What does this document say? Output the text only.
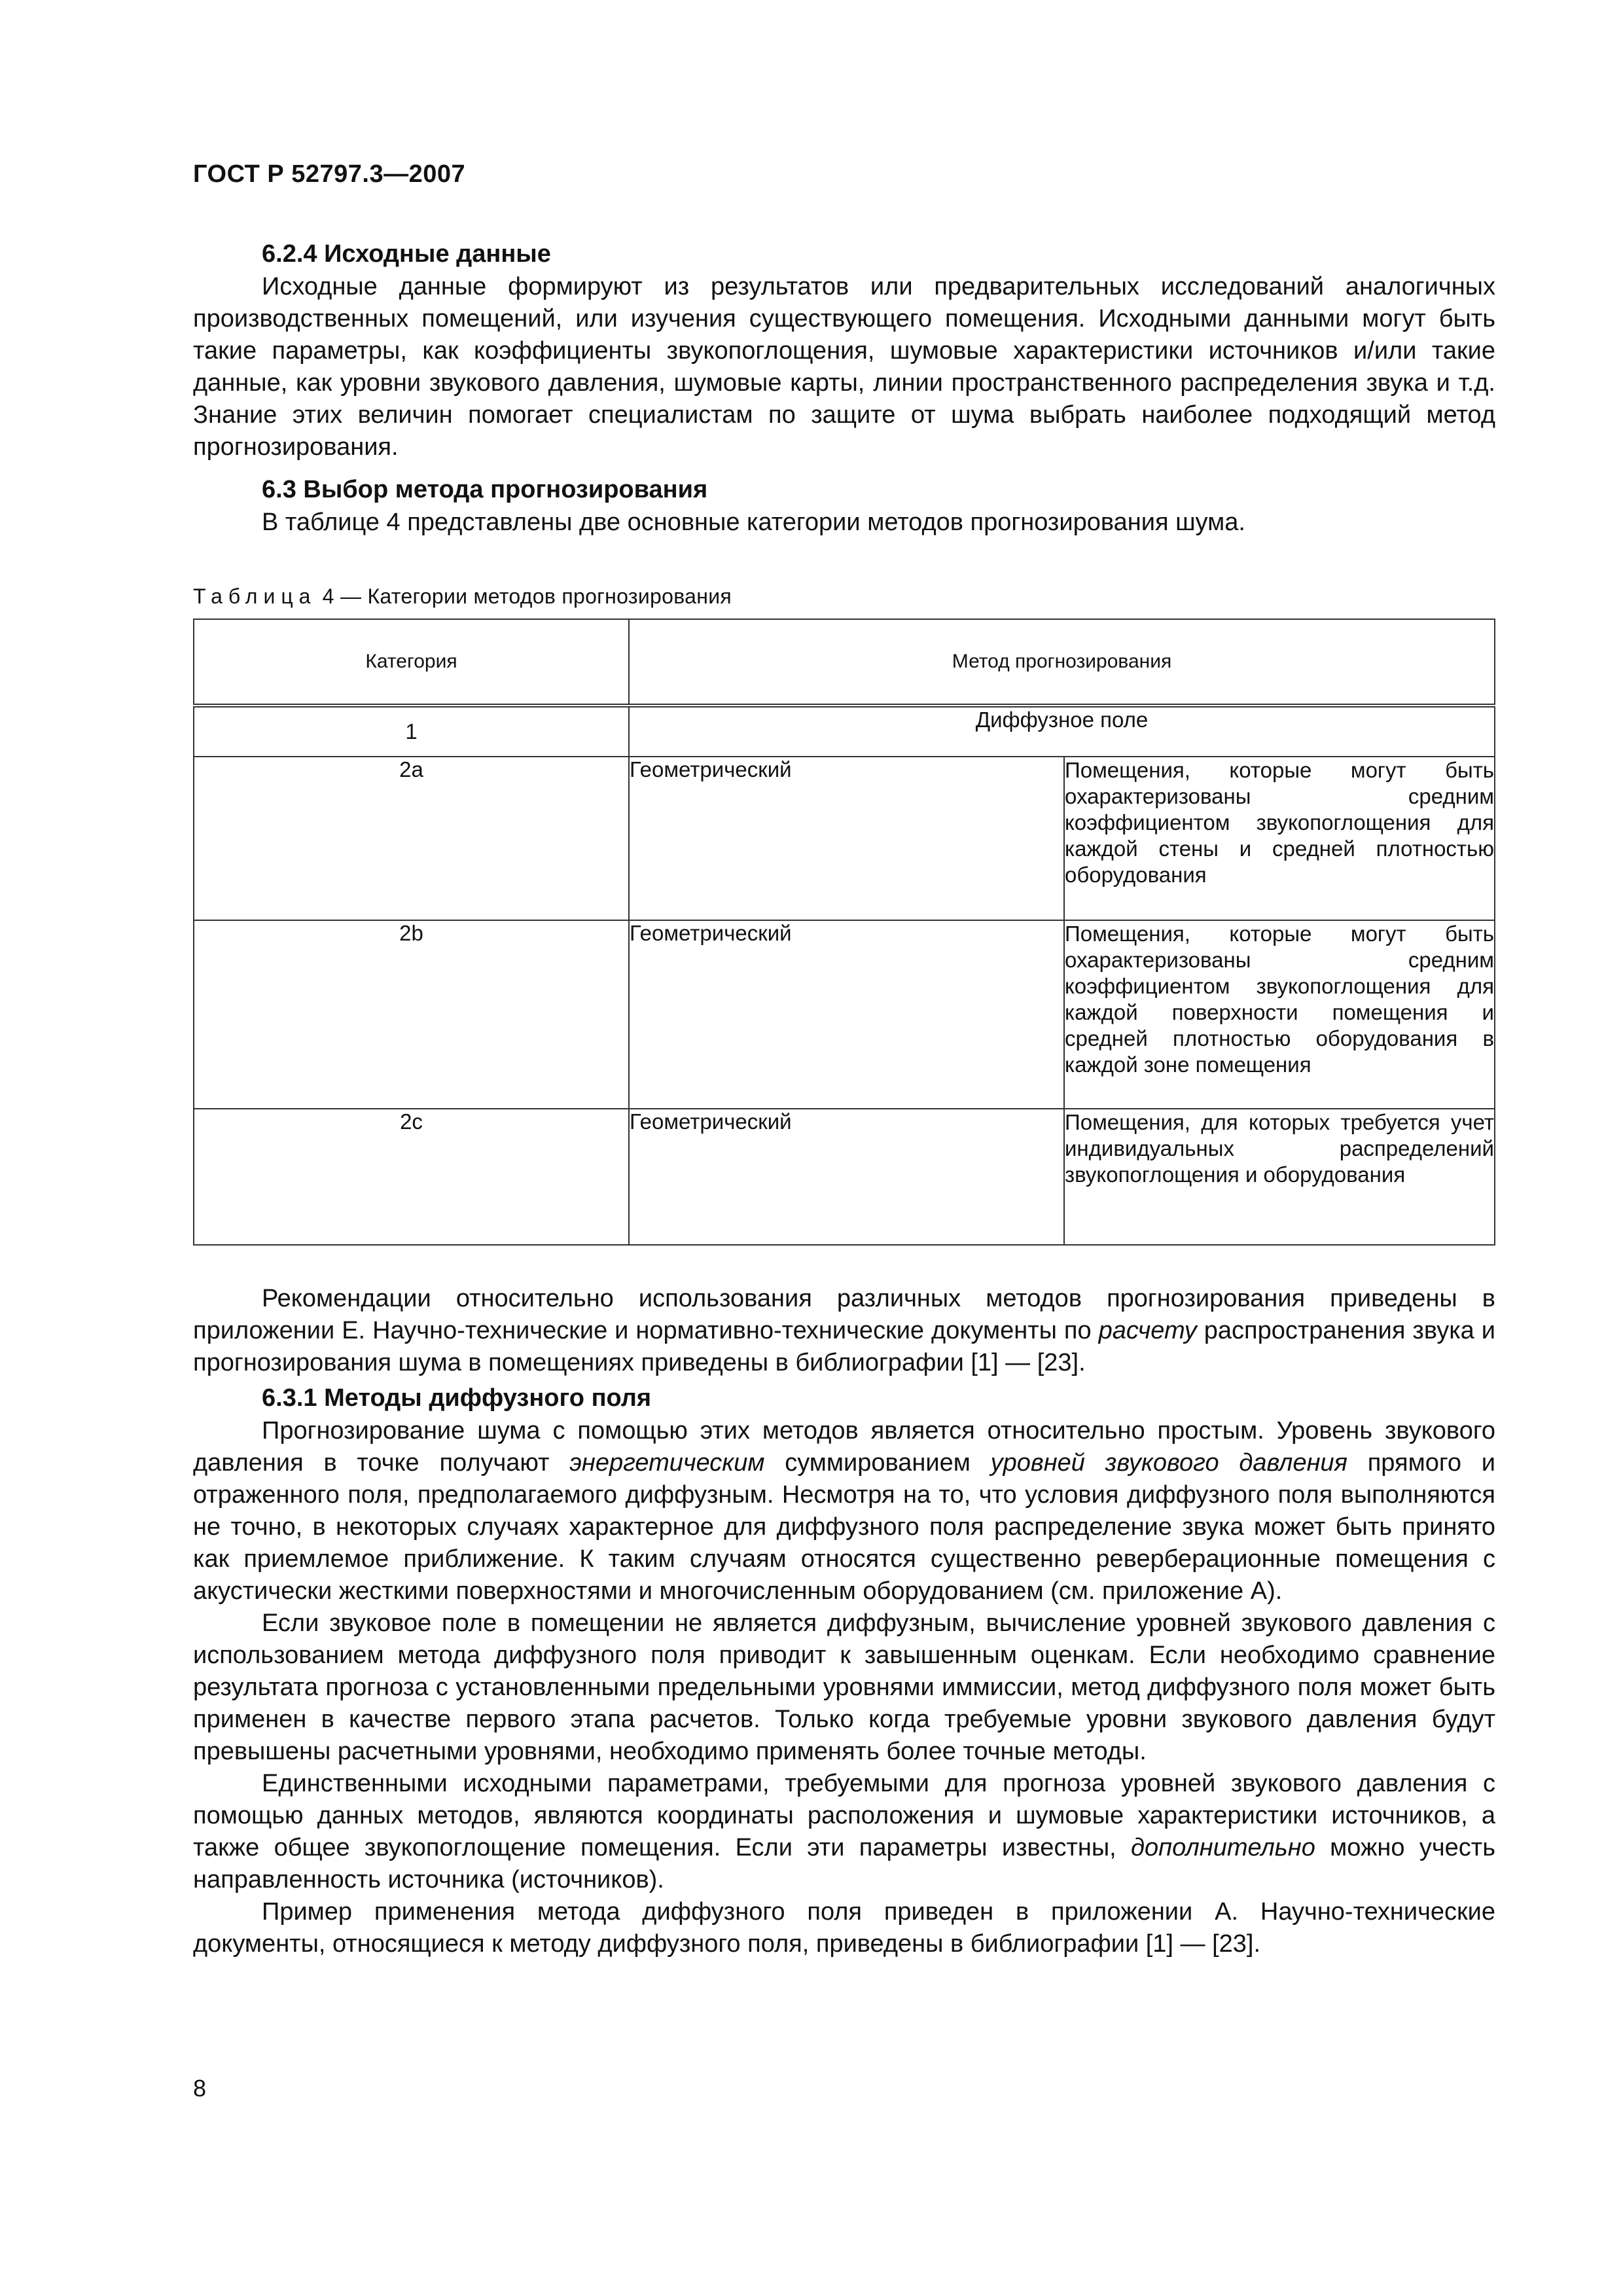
ГОСТ Р 52797.3—2007
6.2.4 Исходные данные

Исходные данные формируют из результатов или предварительных исследований аналогичных производственных помещений, или изучения существующего помещения. Исходными данными могут быть такие параметры, как коэффициенты звукопоглощения, шумовые характеристики источников и/или такие данные, как уровни звукового давления, шумовые карты, линии пространственного распределения звука и т.д. Знание этих величин помогает специалистам по защите от шума выбрать наиболее подходящий метод прогнозирования.

6.3 Выбор метода прогнозирования

В таблице 4 представлены две основные категории методов прогнозирования шума.

Таблица 4 — Категории методов прогнозирования
Категория	Метод прогнозирования	
1	Диффузное поле	
2a	Геометрический	Помещения, которые могут быть охарактеризованы средним коэффициентом звукопоглощения для каждой стены и средней плотностью оборудования
2b	Геометрический	Помещения, которые могут быть охарактеризованы средним коэффициентом звукопоглощения для каждой поверхности помещения и средней плотностью оборудования в каждой зоне помещения
2c	Геометрический	Помещения, для которых требуется учет индивидуальных распределений звукопоглощения и оборудования

Рекомендации относительно использования различных методов прогнозирования приведены в приложении Е. Научно-технические и нормативно-технические документы по расчету распространения звука и прогнозирования шума в помещениях приведены в библиографии [1] — [23].

6.3.1 Методы диффузного поля

Прогнозирование шума с помощью этих методов является относительно простым. Уровень звукового давления в точке получают энергетическим суммированием уровней звукового давления прямого и отраженного поля, предполагаемого диффузным. Несмотря на то, что условия диффузного поля выполняются не точно, в некоторых случаях характерное для диффузного поля распределение звука может быть принято как приемлемое приближение. К таким случаям относятся существенно реверберационные помещения с акустически жесткими поверхностями и многочисленным оборудованием (см. приложение А).

Если звуковое поле в помещении не является диффузным, вычисление уровней звукового давления с использованием метода диффузного поля приводит к завышенным оценкам. Если необходимо сравнение результата прогноза с установленными предельными уровнями иммиссии, метод диффузного поля может быть применен в качестве первого этапа расчетов. Только когда требуемые уровни звукового давления будут превышены расчетными уровнями, необходимо применять более точные методы.

Единственными исходными параметрами, требуемыми для прогноза уровней звукового давления с помощью данных методов, являются координаты расположения и шумовые характеристики источников, а также общее звукопоглощение помещения. Если эти параметры известны, дополнительно можно учесть направленность источника (источников).

Пример применения метода диффузного поля приведен в приложении А. Научно-технические документы, относящиеся к методу диффузного поля, приведены в библиографии [1] — [23].

8
